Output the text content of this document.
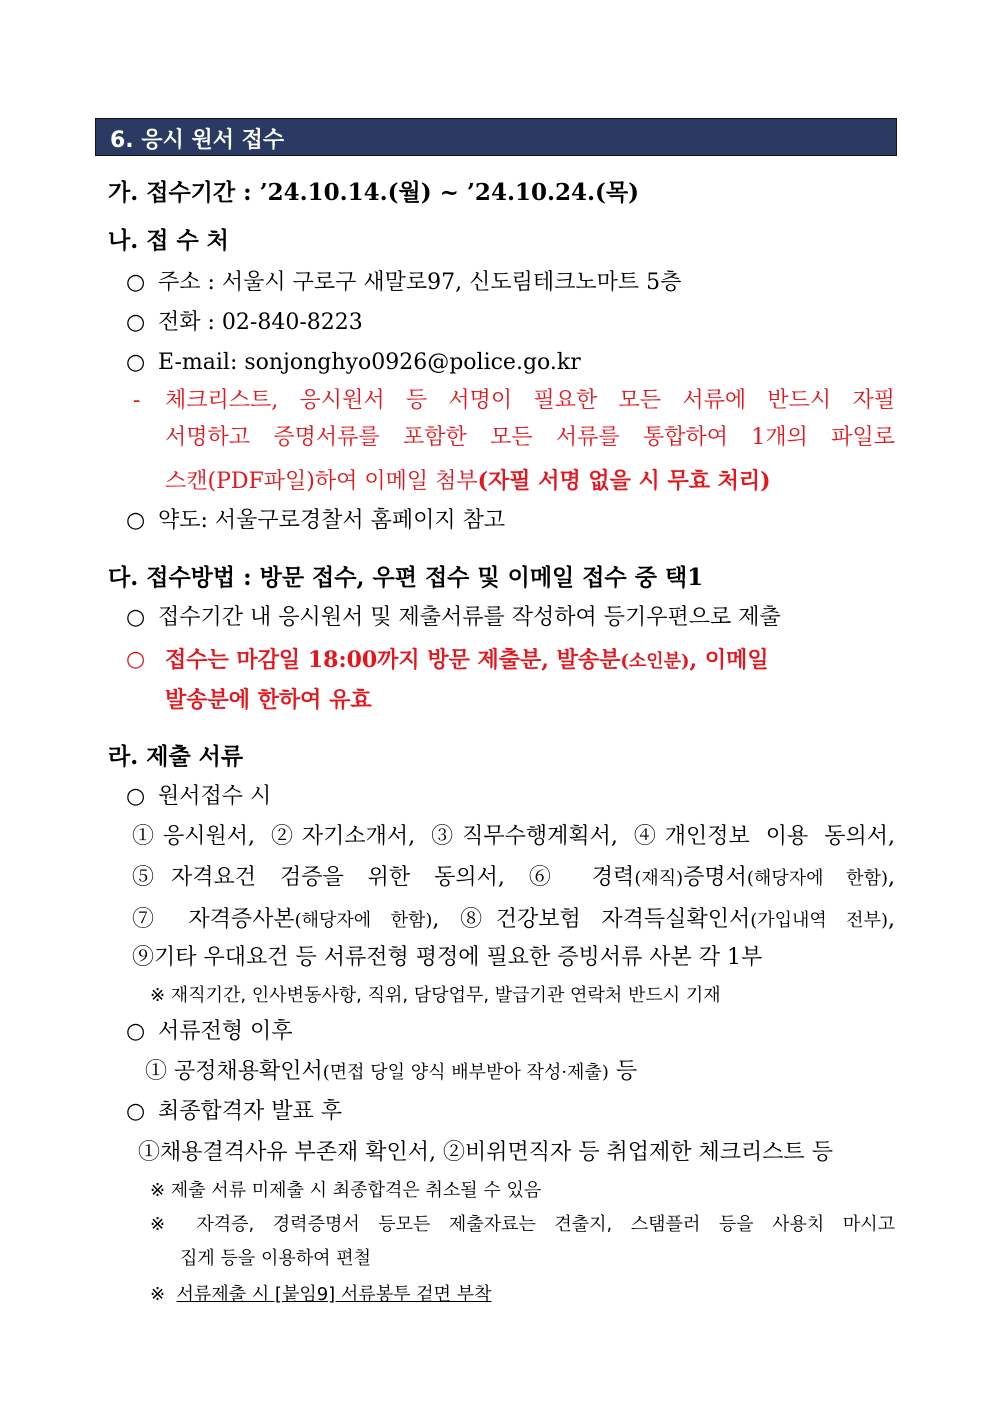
6. 응시 원서 접수
가. 접수기간 : ’24.10.14.(월) ~ ’24.10.24.(목)
나. 접 수 처
○ 주소 : 서울시 구로구 새말로97, 신도림테크노마트 5층
○ 전화 : 02-840-8223
○ E-mail: sonjonghyo0926@police.go.kr
- 체크리스트, 응시원서 등 서명이 필요한 모든 서류에 반드시 자필
서명하고 증명서류를 포함한 모든 서류를 통합하여 1개의 파일로
스캔(PDF파일)하여 이메일 첨부(자필 서명 없을 시 무효 처리)
○ 약도: 서울구로경찰서 홈페이지 참고
다. 접수방법 : 방문 접수, 우편 접수 및 이메일 접수 중 택1
○ 접수기간 내 응시원서 및 제출서류를 작성하여 등기우편으로 제출
○ 접수는 마감일 18:00까지 방문 제출분, 발송분(소인분), 이메일
발송분에 한하여 유효
라. 제출 서류
○ 원서접수 시
①응시원서, ②자기소개서, ③직무수행계획서, ④개인정보 이용 동의서,
⑤자격요건 검증을 위한 동의서, ⑥ 경력(재직)증명서(해당자에 한함),
⑦ 자격증사본(해당자에 한함), ⑧건강보험 자격득실확인서(가입내역 전부),
⑨기타 우대요건 등 서류전형 평정에 필요한 증빙서류 사본 각 1부
※ 재직기간, 인사변동사항, 직위, 담당업무, 발급기관 연락처 반드시 기재
○ 서류전형 이후
① 공정채용확인서(면접 당일 양식 배부받아 작성·제출) 등
○ 최종합격자 발표 후
①채용결격사유 부존재 확인서, ②비위면직자 등 취업제한 체크리스트 등
※ 제출 서류 미제출 시 최종합격은 취소될 수 있음
※ 자격증, 경력증명서 등모든 제출자료는 견출지, 스탬플러 등을 사용치 마시고
집게 등을 이용하여 편철
※ 서류제출 시 [붙임9] 서류봉투 겉면 부착
